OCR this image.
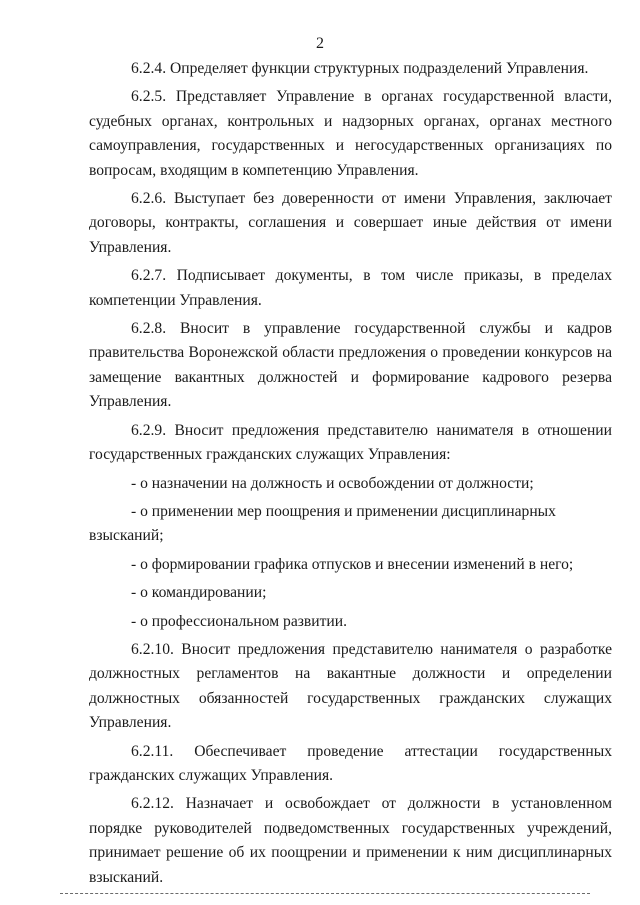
2

6.2.4. Определяет функции структурных подразделений Управления.

6.2.5. Представляет Управление в органах государственной власти, судебных органах, контрольных и надзорных органах, органах местного самоуправления, государственных и негосударственных организациях по вопросам, входящим в компетенцию Управления.

6.2.6. Выступает без доверенности от имени Управления, заключает договоры, контракты, соглашения и совершает иные действия от имени Управления.

6.2.7. Подписывает документы, в том числе приказы, в пределах компетенции Управления.

6.2.8. Вносит в управление государственной службы и кадров правительства Воронежской области предложения о проведении конкурсов на замещение вакантных должностей и формирование кадрового резерва Управления.

6.2.9. Вносит предложения представителю нанимателя в отношении государственных гражданских служащих Управления:

- о назначении на должность и освобождении от должности;

- о применении мер поощрения и применении дисциплинарных взысканий;

- о формировании графика отпусков и внесении изменений в него;

- о командировании;

- о профессиональном развитии.

6.2.10. Вносит предложения представителю нанимателя о разработке должностных регламентов на вакантные должности и определении должностных обязанностей государственных гражданских служащих Управления.

6.2.11. Обеспечивает проведение аттестации государственных гражданских служащих Управления.

6.2.12. Назначает и освобождает от должности в установленном порядке руководителей подведомственных государственных учреждений, принимает решение об их поощрении и применении к ним дисциплинарных взысканий.
